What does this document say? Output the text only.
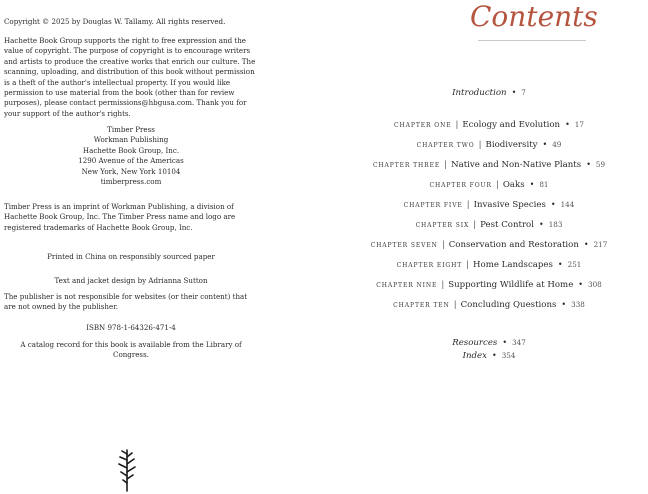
Copyright © 2025 by Douglas W. Tallamy. All rights reserved.

Hachette Book Group supports the right to free expression and the value of copyright. The purpose of copyright is to encourage writers and artists to produce the creative works that enrich our culture. The scanning, uploading, and distribution of this book without permission is a theft of the author's intellectual property. If you would like permission to use material from the book (other than for review purposes), please contact permissions@hbgusa.com. Thank you for your support of the author's rights.

Timber Press
Workman Publishing
Hachette Book Group, Inc.
1290 Avenue of the Americas
New York, New York 10104
timberpress.com

Timber Press is an imprint of Workman Publishing, a division of Hachette Book Group, Inc. The Timber Press name and logo are registered trademarks of Hachette Book Group, Inc.

Printed in China on responsibly sourced paper

Text and jacket design by Adrianna Sutton

The publisher is not responsible for websites (or their content) that are not owned by the publisher.

ISBN 978-1-64326-471-4

A catalog record for this book is available from the Library of Congress.

Contents
Introduction • 7
CHAPTER ONE | Ecology and Evolution • 17
CHAPTER TWO | Biodiversity • 49
CHAPTER THREE | Native and Non-Native Plants • 59
CHAPTER FOUR | Oaks • 81
CHAPTER FIVE | Invasive Species • 144
CHAPTER SIX | Pest Control • 183
CHAPTER SEVEN | Conservation and Restoration • 217
CHAPTER EIGHT | Home Landscapes • 251
CHAPTER NINE | Supporting Wildlife at Home • 308
CHAPTER TEN | Concluding Questions • 338
Resources • 347
Index • 354
